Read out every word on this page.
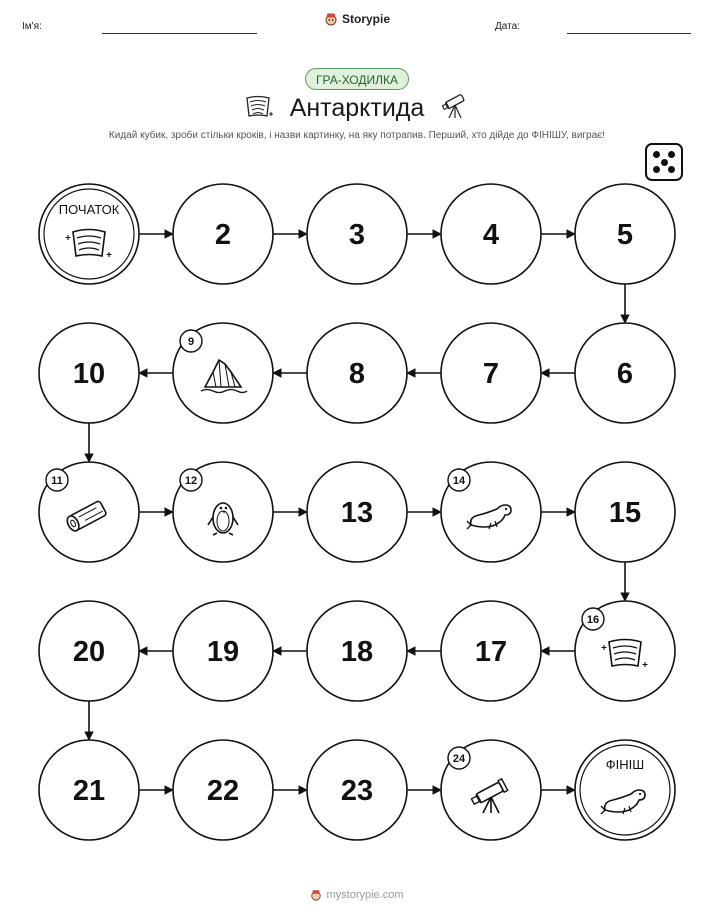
Ім'я:
Storypie
Дата:
ГРА-ХОДИЛКА
Антарктида
Кидай кубик, зроби стільки кроків, і назви картинку, на яку потрапив. Перший, хто дійде до ФІНІШУ, виграє!
ПОЧАТОК
2	3	4	5
6
7
8
9
10
11	12
13
14
15
16
17
18
19
20
21	22	23
24	ФІНІШ
mystorypie.com
